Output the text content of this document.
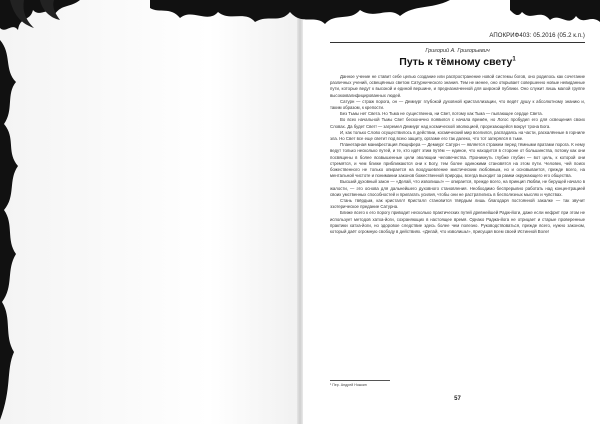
АПОКРИФ403: 05.2016 (05.2 к.п.)
Григорий А. Григорьевич
Путь к тёмному свету$^1$

Данное учение не ставит себе целью создание или распространение новой системы богов, оно родилось как сочетание различных учений, освещённых светом Сатурнического знания. Тем не менее, оно открывает совершенно новые невиданные пути, которые ведут к высокой и единой вершине, и предназначенной для широкой публики. Оно служит лишь малой группе высококвалифицированных людей.

Сатурн — страж порога, он — Демиург глубокой духовной кристаллизации, что ведёт душу к абсолютному знанию и, таким образом, к крепости.

Без Тьмы нет Света. Но Тьма не существенна, ни Свет, потому как Тьма — пылающее сердце Света.

Во всех начальной Тьмы Свет бесконечно появился с начала времён, но Логос пробудил его для освещения своих Словах. Да будет Свет! — загремел Демиург над космической эволюцией, прорезающейся вокруг трона Бога.

И, как только Слово осуществилось в действии, космический мир вселился, распадаясь на части, раскалённые в горниле зла. Но Свет все еще светит под всею защиту, оргазме его так далеко, что тот затерялся в тьме.

Планетарная манифестация Люцифера — Демиург Сатурн — является стражем перед тёмными вратами порога. К нему ведут только несколько путей, и те, кто идёт этим путём — единое, что находится в стороне от большинства, потому как они посвящены в более возвышенные цели эволюции человечества. Проникнуть глубже глубин — вот цель, к которой они стремятся, и чем ближе приближаются они к Богу, тем более одинокими становятся на этом пути. Человек, чей поиск божественного не только опирается на воодушевление мистическим любовным, но и основывается, прежде всего, на ментальной чистоте и понимании законов божественной природы, всегда выходит за рамки окружающего его общества.

Высший духовный закон — «Делай, что изволишь!» — опирается, прежде всего, на принцип Любви, не берущей начало в жалости, — это основа для дальнейшего духовного становления. Необходимо беспрерывно работать над концентрацией своих умственных способностей и прилагать усилия, чтобы они не растратились в бесполезных мыслях и чувствах.

Стань твёрдым, как кристалл! Кристалл становится твёрдым лишь благодаря постоянной закалке — так звучит эзотерическое предание Сатурна.

Ближе всего к его порогу приводит несколько практических путей древнейшей Радж-йоги, даже если нефрит при этом не использует методов хатха-йоги, сохраняющих в настоящее время. Однако Раджа-йога не отрицает и старые проверенные практики хатха-йоги, но здоровое следствие здесь более чем полезно. Руководствоваться, прежде всего, нужно законом, который даёт огромную свободу в действиях. «Делай, что изволишь!», присущая всем своей Истинной Воле!

¹ Пер. Андрей Ножкин
57
